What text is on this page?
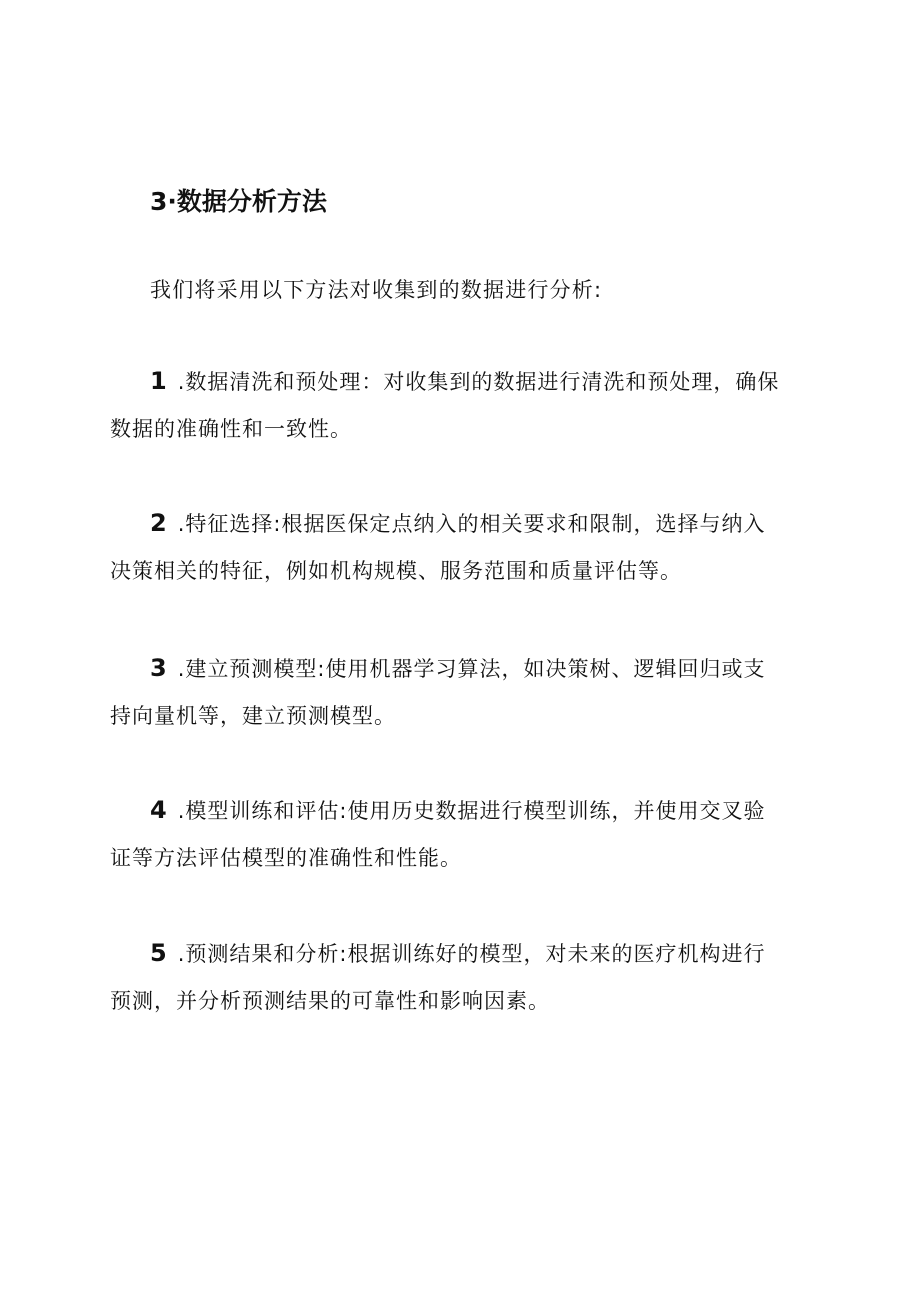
3·数据分析方法
我们将采用以下方法对收集到的数据进行分析:
1 .数据清洗和预处理：对收集到的数据进行清洗和预处理，确保
数据的准确性和一致性。
2 .特征选择:根据医保定点纳入的相关要求和限制，选择与纳入
决策相关的特征，例如机构规模、服务范围和质量评估等。
3 .建立预测模型:使用机器学习算法，如决策树、逻辑回归或支
持向量机等，建立预测模型。
4 .模型训练和评估:使用历史数据进行模型训练，并使用交叉验
证等方法评估模型的准确性和性能。
5 .预测结果和分析:根据训练好的模型，对未来的医疗机构进行
预测，并分析预测结果的可靠性和影响因素。
